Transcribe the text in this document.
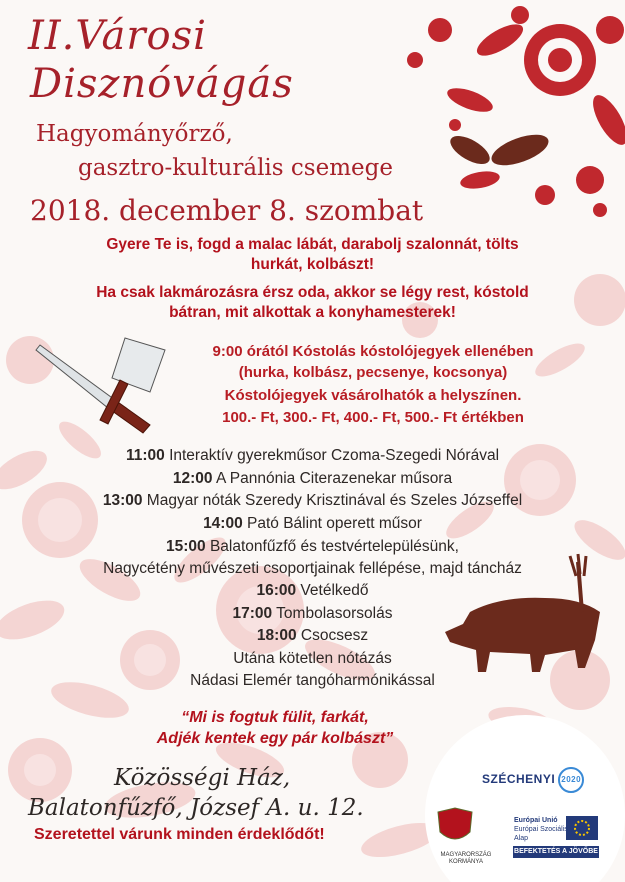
II.Városi
Disznóvágás
Hagyományőrző,
gasztro-kulturális csemege
2018. december 8. szombat
Gyere Te is, fogd a malac lábát, darabolj szalonnát, tölts
hurkát, kolbászt!
Ha csak lakmározásra érsz oda, akkor se légy rest, kóstold
bátran, mit alkottak a konyhamesterek!
9:00 órától Kóstolás kóstolójegyek ellenében
(hurka, kolbász, pecsenye, kocsonya)
Kóstolójegyek vásárolhatók a helyszínen.
100.- Ft, 300.- Ft, 400.- Ft, 500.- Ft értékben
11:00 Interaktív gyerekműsor Czoma-Szegedi Nórával
12:00 A Pannónia Citerazenekar műsora
13:00 Magyar nóták Szeredy Krisztinával és Szeles Józseffel
14:00 Pató Bálint operett műsor
15:00 Balatonfűzfő és testvértelepülésünk,
Nagycétény művészeti csoportjainak fellépése, majd táncház
16:00 Vetélkedő
17:00 Tombolasorsolás
18:00 Csocsesz
Utána kötetlen nótázás
Nádasi Elemér tangóharmónikással
“Mi is fogtuk fülit, farkát,
Adjék kentek egy pár kolbászt”
Közösségi Ház,
Balatonfűzfő, József A. u. 12.
Szeretettel várunk minden érdeklődőt!
SZÉCHENYI 2020
MAGYARORSZÁG
KORMÁNYA
Európai Unió
Európai Szociális
Alap
BEFEKTETÉS A JÖVŐBE
